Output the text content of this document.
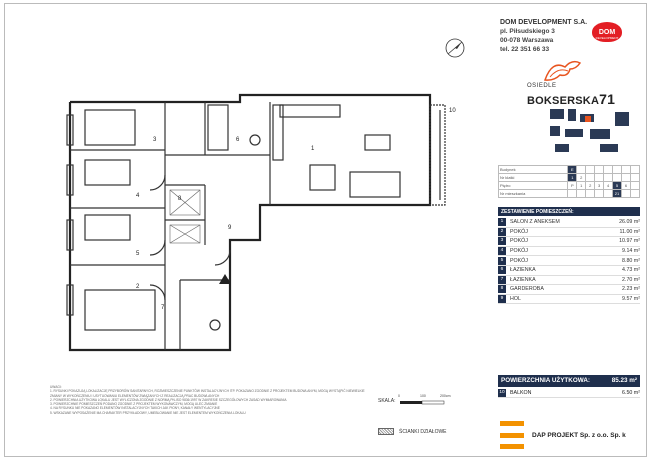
1
2
3
4
5
6
7
8
9
10
DOM DEVELOPMENT S.A.
pl. Piłsudskiego 3
00-078 Warszawa
tel. 22 351 66 33
DOM
DEVELOPMENT
OSIEDLE
BOKSERSKA71
Budynek	E							
Nr klatki	1	2						
Piętro	P	1	2	3	4	5	6	
Nr mieszkania						21		
ZESTAWIENIE POMIESZCZEŃ:
1	SALON Z ANEKSEM	26.09 m²
2	POKÓJ	11.00 m²
3	POKÓJ	10.97 m²
4	POKÓJ	9.14 m²
5	POKÓJ	8.80 m²
6	ŁAZIENKA	4.73 m²
7	ŁAZIENKA	2.70 m²
8	GARDEROBA	2.23 m²
9	HOL	9.57 m²
POWIERZCHNIA UŻYTKOWA:	85.23 m²
10 BALKON	6.50 m²
DAP PROJEKT Sp. z o.o. Sp. k
SKALA:
0	100	200cm
ŚCIANKI DZIAŁOWE
UWAGI:
1. RYSUNKI POKAZUJĄ LOKALIZACJĘ PRZYBORÓW SANITARNYCH, ROZMIESZCZENIE PUNKTÓW INSTALACYJNYCH ITP. POKAZANO ZGODNIE Z PROJEKTEM BUDOWLANYM, MOGĄ WYSTĄPIĆ NIEWIELKIE ZMIANY W WYKOŃCZENIU I USYTUOWANIU ELEMENTÓW ZWIĄZANYCH Z REALIZACJĄ PRAC BUDOWLANYCH
2. POWIERZCHNIA UŻYTKOWA LOKALU JEST WYLICZONA ZGODNIE Z NORMĄ PN-ISO 9836:1997 W ZAKRESIE SZCZEGÓŁOWYCH ZASAD WYMIAROWANIA
3. POWIERZCHNIE POMIESZCZEŃ PODANO ZGODNIE Z PROJEKTEM WYKONAWCZYM, MOGĄ ULEC ZMIANIE
4. NA RYSUNKU NIE POKAZANO ELEMENTÓW INSTALACYJNYCH TAKICH JAK PIONY, KANAŁY WENTYLACYJNE
5. WSKAZANE WYPOSAŻENIE MA CHARAKTER PRZYKŁADOWY, UMEBLOWANIE NIE JEST ELEMENTEM WYKOŃCZENIA LOKALU
